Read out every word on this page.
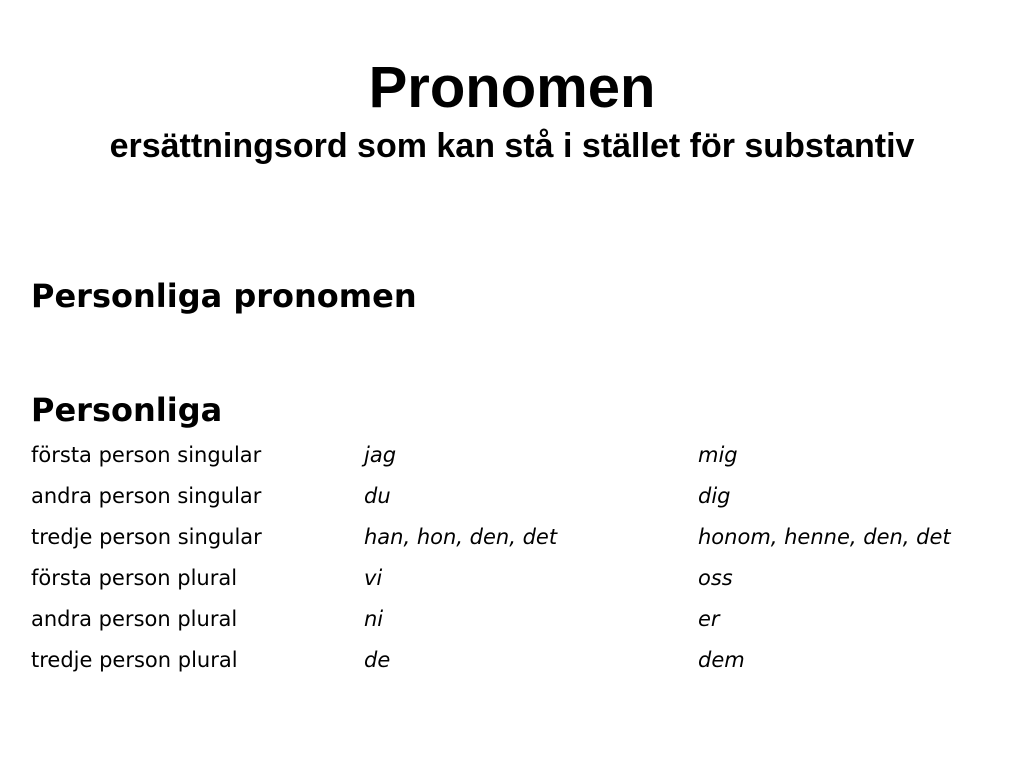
Pronomen
ersättningsord som kan stå i stället för substantiv
Personliga pronomen
Personliga
första person singular	jag	mig
andra person singular	du	dig
tredje person singular	han, hon, den, det	honom, henne, den, det
första person plural	vi	oss
andra person plural	ni	er
tredje person plural	de	dem
